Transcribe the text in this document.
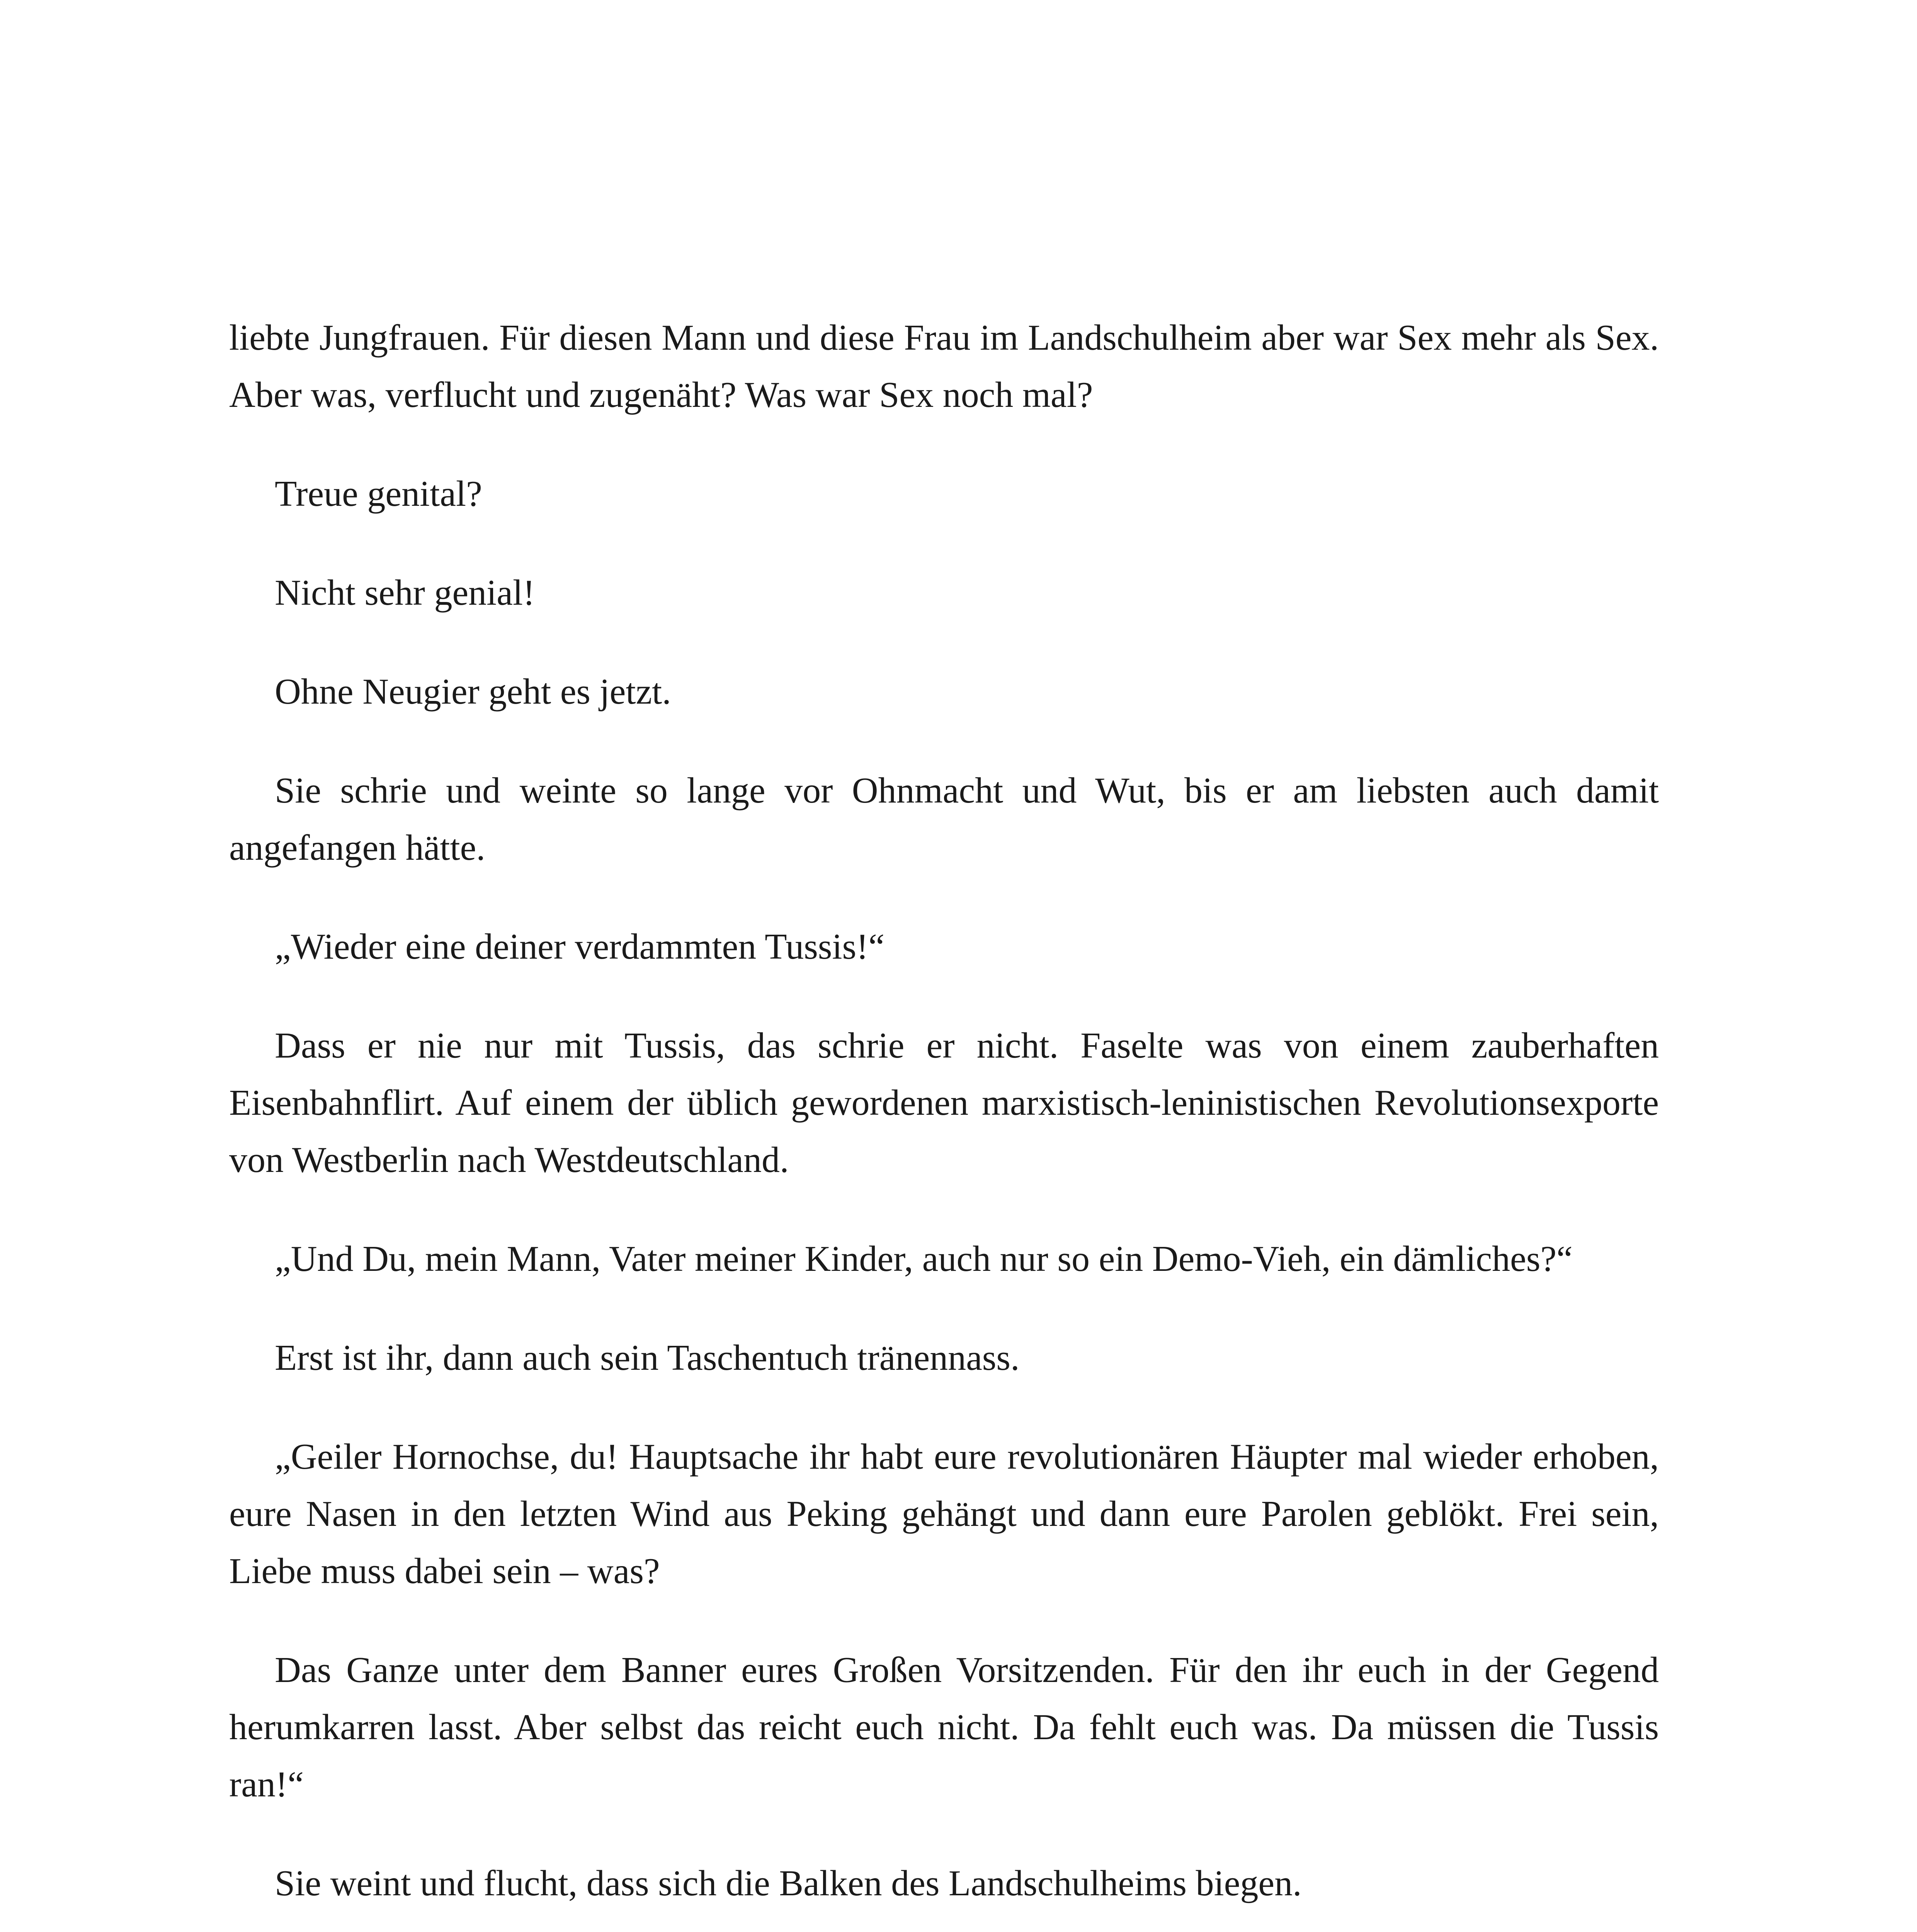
liebte Jungfrauen. Für diesen Mann und diese Frau im Landschulheim aber war Sex mehr als Sex. Aber was, verflucht und zugenäht? Was war Sex noch mal?

Treue genital?

Nicht sehr genial!

Ohne Neugier geht es jetzt.

Sie schrie und weinte so lange vor Ohnmacht und Wut, bis er am liebsten auch damit angefangen hätte.

„Wieder eine deiner verdammten Tussis!“

Dass er nie nur mit Tussis, das schrie er nicht. Faselte was von einem zauberhaften Eisenbahnflirt. Auf einem der üblich gewordenen marxistisch-leninistischen Revolutionsexporte von Westberlin nach Westdeutschland.

„Und Du, mein Mann, Vater meiner Kinder, auch nur so ein Demo-Vieh, ein dämliches?“

Erst ist ihr, dann auch sein Taschentuch tränennass.

„Geiler Hornochse, du! Hauptsache ihr habt eure revolutionären Häupter mal wieder erhoben, eure Nasen in den letzten Wind aus Peking gehängt und dann eure Parolen geblökt. Frei sein, Liebe muss dabei sein – was?

Das Ganze unter dem Banner eures Großen Vorsitzenden. Für den ihr euch in der Gegend herumkarren lasst. Aber selbst das reicht euch nicht. Da fehlt euch was. Da müssen die Tussis ran!“

Sie weint und flucht, dass sich die Balken des Landschulheims biegen.
